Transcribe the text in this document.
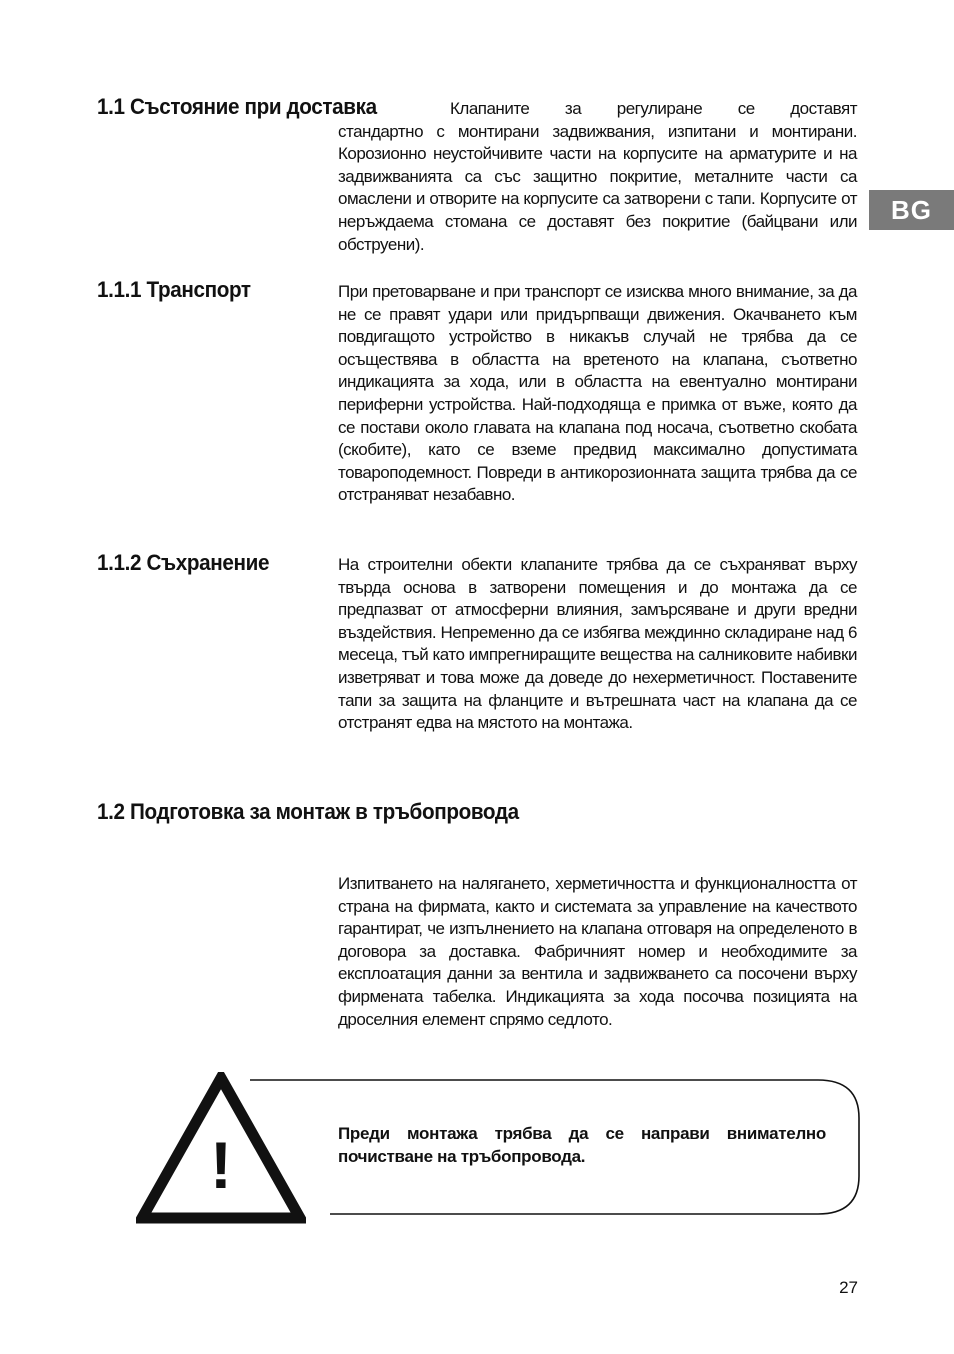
BG
1.1 Състояние при доставка	Клапаните за регулиране се доставят
стандартно с монтирани задвижвания, изпитани и монтирани. Корозионно неустойчивите части на корпусите на арматурите и на задвижванията са със защитно покритие, металните части са омаслени и отворите на корпусите са затворени с тапи. Корпусите от неръждаема стомана се доставят без покритие (байцвани или обструени).

1.1.1 Транспорт	При претоварване и при транспорт се изисква много внимание, за да не се правят удари или придърпващи движения. Окачването към повдигащото устройство в никакъв случай не трябва да се осъществява в областта на вретеното на клапана, съответно индикацията за хода, или в областта на евентуално монтирани периферни устройства. Най-подходяща е примка от въже, която да се постави около главата на клапана под носача, съответно скобата (скобите), като се вземе предвид максимално допустимата товароподемност. Повреди в антикорозионната защита трябва да се отстраняват незабавно.

1.1.2 Съхранение	На строителни обекти клапаните трябва да се съхраняват върху твърда основа в затворени помещения и до монтажа да се предпазват от атмосферни влияния, замърсяване и други вредни въздействия. Непременно да се избягва междинно складиране над 6 месеца, тъй като импрегниращите вещества на салниковите набивки изветряват и това може да доведе до нехерметичност. Поставените тапи за защита на фланците и вътрешната част на клапана да се отстранят едва на мястото на монтажа.

1.2 Подготовка за монтаж в тръбопровода

Изпитването на налягането, херметичността и функционалността от страна на фирмата, както и системата за управление на качеството гарантират, че изпълнението на клапана отговаря на определеното в договора за доставка. Фабричният номер и необходимите за експлоатация данни за вентила и задвижването са посочени върху фирмената табелка. Индикацията за хода посочва позицията на дроселния елемент спрямо седлото.

!	Преди монтажа трябва да се направи внимателно почистване на тръбопровода.

27
